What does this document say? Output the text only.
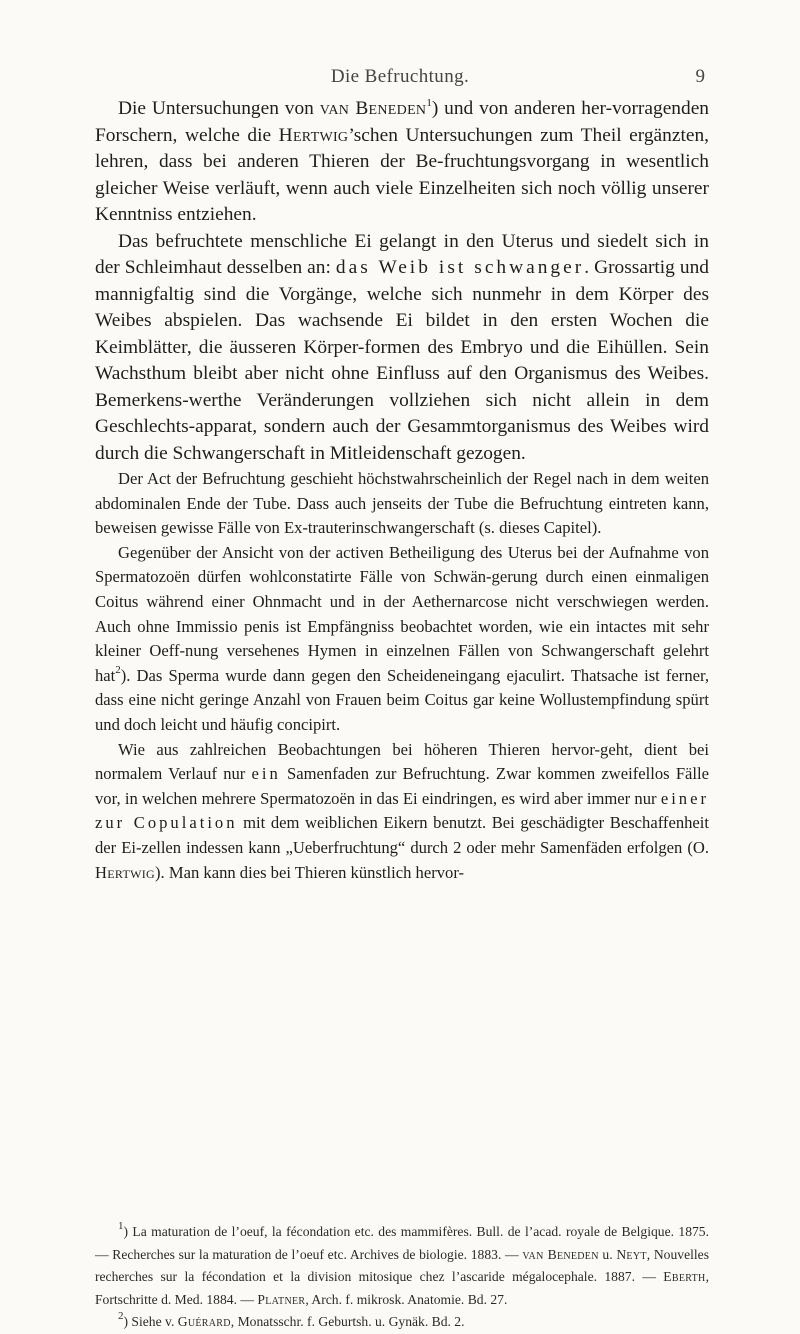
Die Befruchtung.	9

Die Untersuchungen von van Beneden$^1$) und von anderen her-vorragenden Forschern, welche die Hertwig’schen Untersuchungen zum Theil ergänzten, lehren, dass bei anderen Thieren der Be-fruchtungsvorgang in wesentlich gleicher Weise verläuft, wenn auch viele Einzelheiten sich noch völlig unserer Kenntniss entziehen.

Das befruchtete menschliche Ei gelangt in den Uterus und siedelt sich in der Schleimhaut desselben an: das Weib ist schwanger. Grossartig und mannigfaltig sind die Vorgänge, welche sich nunmehr in dem Körper des Weibes abspielen. Das wachsende Ei bildet in den ersten Wochen die Keimblätter, die äusseren Körper-formen des Embryo und die Eihüllen. Sein Wachsthum bleibt aber nicht ohne Einfluss auf den Organismus des Weibes. Bemerkens-werthe Veränderungen vollziehen sich nicht allein in dem Geschlechts-apparat, sondern auch der Gesammtorganismus des Weibes wird durch die Schwangerschaft in Mitleidenschaft gezogen.

Der Act der Befruchtung geschieht höchstwahrscheinlich der Regel nach in dem weiten abdominalen Ende der Tube. Dass auch jenseits der Tube die Befruchtung eintreten kann, beweisen gewisse Fälle von Ex-trauterinschwangerschaft (s. dieses Capitel).

Gegenüber der Ansicht von der activen Betheiligung des Uterus bei der Aufnahme von Spermatozoën dürfen wohlconstatirte Fälle von Schwän-gerung durch einen einmaligen Coitus während einer Ohnmacht und in der Aethernarcose nicht verschwiegen werden. Auch ohne Immissio penis ist Empfängniss beobachtet worden, wie ein intactes mit sehr kleiner Oeff-nung versehenes Hymen in einzelnen Fällen von Schwangerschaft gelehrt hat$^2$). Das Sperma wurde dann gegen den Scheideneingang ejaculirt. Thatsache ist ferner, dass eine nicht geringe Anzahl von Frauen beim Coitus gar keine Wollustempfindung spürt und doch leicht und häufig concipirt.

Wie aus zahlreichen Beobachtungen bei höheren Thieren hervor-geht, dient bei normalem Verlauf nur ein Samenfaden zur Befruchtung. Zwar kommen zweifellos Fälle vor, in welchen mehrere Spermatozoën in das Ei eindringen, es wird aber immer nur einer zur Copulation mit dem weiblichen Eikern benutzt. Bei geschädigter Beschaffenheit der Ei-zellen indessen kann „Ueberfruchtung“ durch 2 oder mehr Samenfäden erfolgen (O. Hertwig). Man kann dies bei Thieren künstlich hervor-

$^1$) La maturation de l’oeuf, la fécondation etc. des mammifères. Bull. de l’acad. royale de Belgique. 1875. — Recherches sur la maturation de l’oeuf etc. Archives de biologie. 1883. — van Beneden u. Neyt, Nouvelles recherches sur la fécondation et la division mitosique chez l’ascaride mégalocephale. 1887. — Eberth, Fortschritte d. Med. 1884. — Platner, Arch. f. mikrosk. Anatomie. Bd. 27.

$^2$) Siehe v. Guérard, Monatsschr. f. Geburtsh. u. Gynäk. Bd. 2.
